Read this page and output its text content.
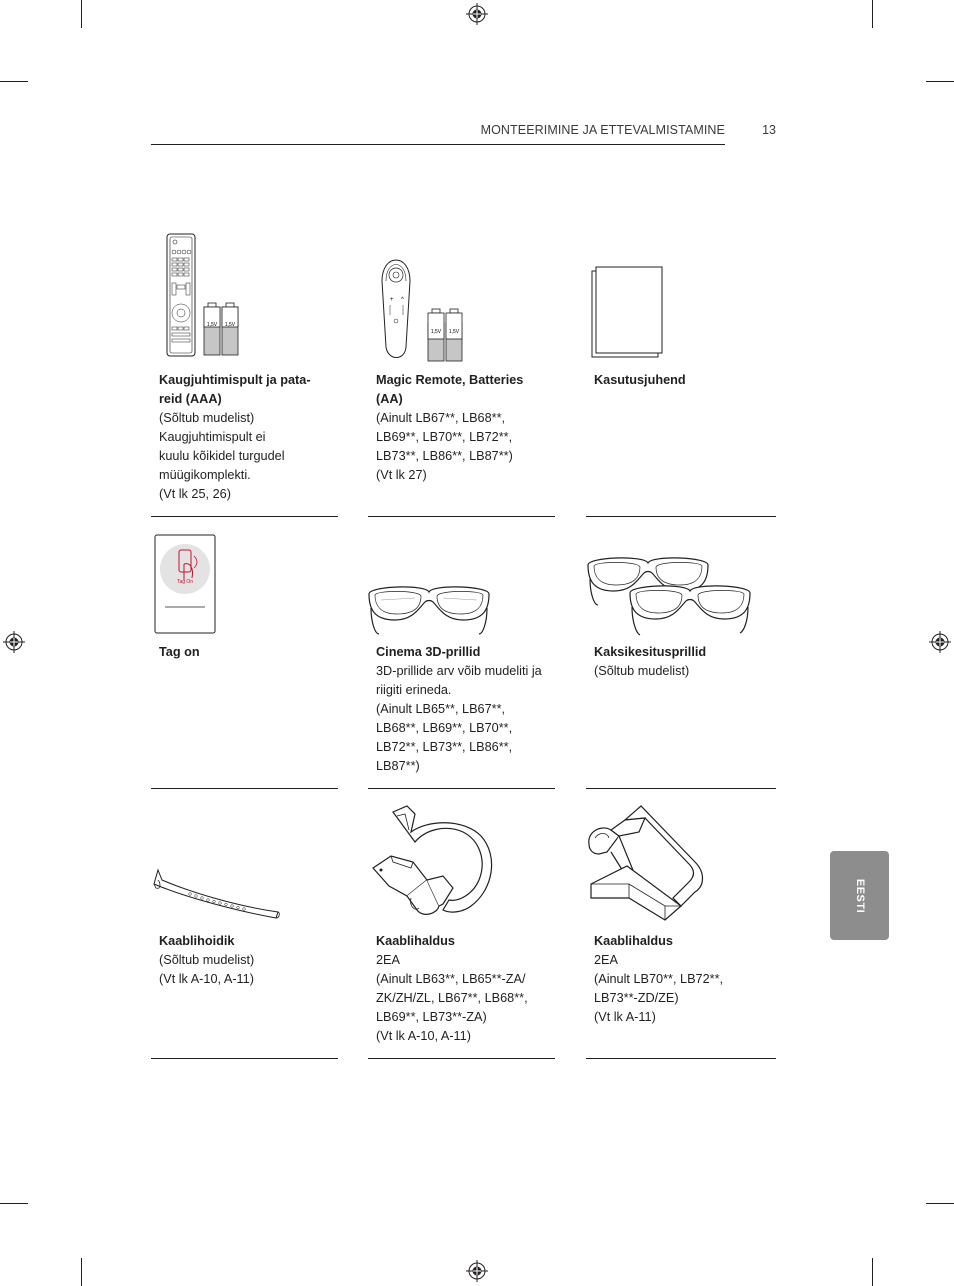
MONTEERIMINE JA ETTEVALMISTAMINE	13
EESTI
1,5V 1,5V
+ ^
1,5V 1,5V
Kaugjuhtimispult ja pata-
reid (AAA)
(Sõltub mudelist)
Kaugjuhtimispult ei
kuulu kõikidel turgudel
müügikomplekti.
(Vt lk 25, 26)
Magic Remote, Batteries
(AA)
(Ainult LB67**, LB68**,
LB69**, LB70**, LB72**,
LB73**, LB86**, LB87**)
(Vt lk 27)
Kasutusjuhend
Tag On
Tag on	Cinema 3D-prillid
3D-prillide arv võib mudeliti ja
riigiti erineda.
(Ainult LB65**, LB67**,
LB68**, LB69**, LB70**,
LB72**, LB73**, LB86**,
LB87**)
Kaksikesitusprillid
(Sõltub mudelist)
Kaablihoidik
(Sõltub mudelist)
(Vt lk A-10, A-11)
Kaablihaldus
2EA
(Ainult LB63**, LB65**-ZA/
ZK/ZH/ZL, LB67**, LB68**,
LB69**, LB73**-ZA)
(Vt lk A-10, A-11)
Kaablihaldus
2EA
(Ainult LB70**, LB72**,
LB73**-ZD/ZE)
(Vt lk A-11)
